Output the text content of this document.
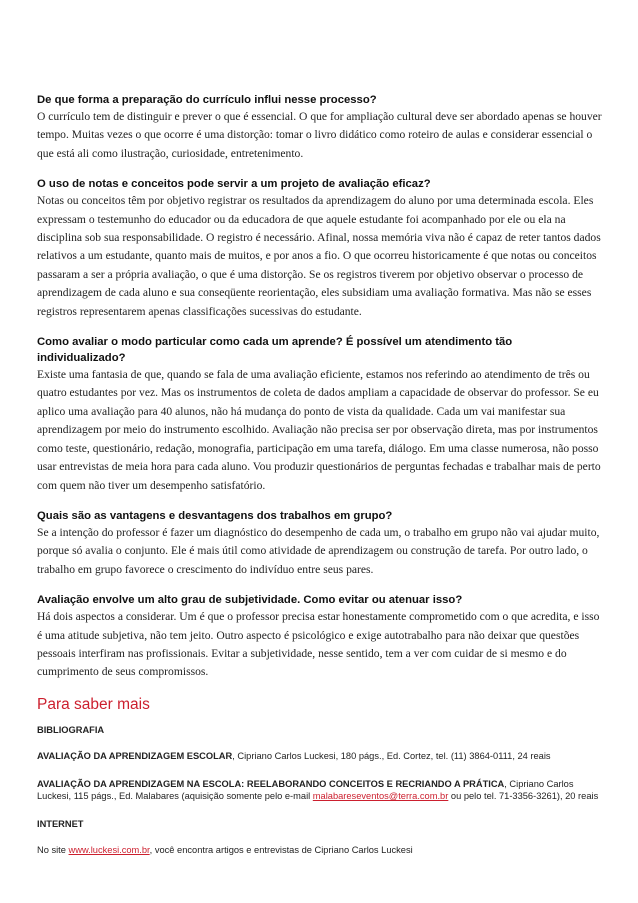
De que forma a preparação do currículo influi nesse processo?

O currículo tem de distinguir e prever o que é essencial. O que for ampliação cultural deve ser abordado apenas se houver tempo. Muitas vezes o que ocorre é uma distorção: tomar o livro didático como roteiro de aulas e considerar essencial o que está ali como ilustração, curiosidade, entretenimento.

O uso de notas e conceitos pode servir a um projeto de avaliação eficaz?

Notas ou conceitos têm por objetivo registrar os resultados da aprendizagem do aluno por uma determinada escola. Eles expressam o testemunho do educador ou da educadora de que aquele estudante foi acompanhado por ele ou ela na disciplina sob sua responsabilidade. O registro é necessário. Afinal, nossa memória viva não é capaz de reter tantos dados relativos a um estudante, quanto mais de muitos, e por anos a fio. O que ocorreu historicamente é que notas ou conceitos passaram a ser a própria avaliação, o que é uma distorção. Se os registros tiverem por objetivo observar o processo de aprendizagem de cada aluno e sua conseqüente reorientação, eles subsidiam uma avaliação formativa. Mas não se esses registros representarem apenas classificações sucessivas do estudante.

Como avaliar o modo particular como cada um aprende? É possível um atendimento tão individualizado?

Existe uma fantasia de que, quando se fala de uma avaliação eficiente, estamos nos referindo ao atendimento de três ou quatro estudantes por vez. Mas os instrumentos de coleta de dados ampliam a capacidade de observar do professor. Se eu aplico uma avaliação para 40 alunos, não há mudança do ponto de vista da qualidade. Cada um vai manifestar sua aprendizagem por meio do instrumento escolhido. Avaliação não precisa ser por observação direta, mas por instrumentos como teste, questionário, redação, monografia, participação em uma tarefa, diálogo. Em uma classe numerosa, não posso usar entrevistas de meia hora para cada aluno. Vou produzir questionários de perguntas fechadas e trabalhar mais de perto com quem não tiver um desempenho satisfatório.

Quais são as vantagens e desvantagens dos trabalhos em grupo?

Se a intenção do professor é fazer um diagnóstico do desempenho de cada um, o trabalho em grupo não vai ajudar muito, porque só avalia o conjunto. Ele é mais útil como atividade de aprendizagem ou construção de tarefa. Por outro lado, o trabalho em grupo favorece o crescimento do indivíduo entre seus pares.

Avaliação envolve um alto grau de subjetividade. Como evitar ou atenuar isso?

Há dois aspectos a considerar. Um é que o professor precisa estar honestamente comprometido com o que acredita, e isso é uma atitude subjetiva, não tem jeito. Outro aspecto é psicológico e exige autotrabalho para não deixar que questões pessoais interfiram nas profissionais. Evitar a subjetividade, nesse sentido, tem a ver com cuidar de si mesmo e do cumprimento de seus compromissos.

Para saber mais

BIBLIOGRAFIA

AVALIAÇÃO DA APRENDIZAGEM ESCOLAR, Cipriano Carlos Luckesi, 180 págs., Ed. Cortez, tel. (11) 3864-0111, 24 reais

AVALIAÇÃO DA APRENDIZAGEM NA ESCOLA: REELABORANDO CONCEITOS E RECRIANDO A PRÁTICA, Cipriano Carlos Luckesi, 115 págs., Ed. Malabares (aquisição somente pelo e-mail malabareseventos@terra.com.br ou pelo tel. 71-3356-3261), 20 reais

INTERNET

No site www.luckesi.com.br, você encontra artigos e entrevistas de Cipriano Carlos Luckesi
